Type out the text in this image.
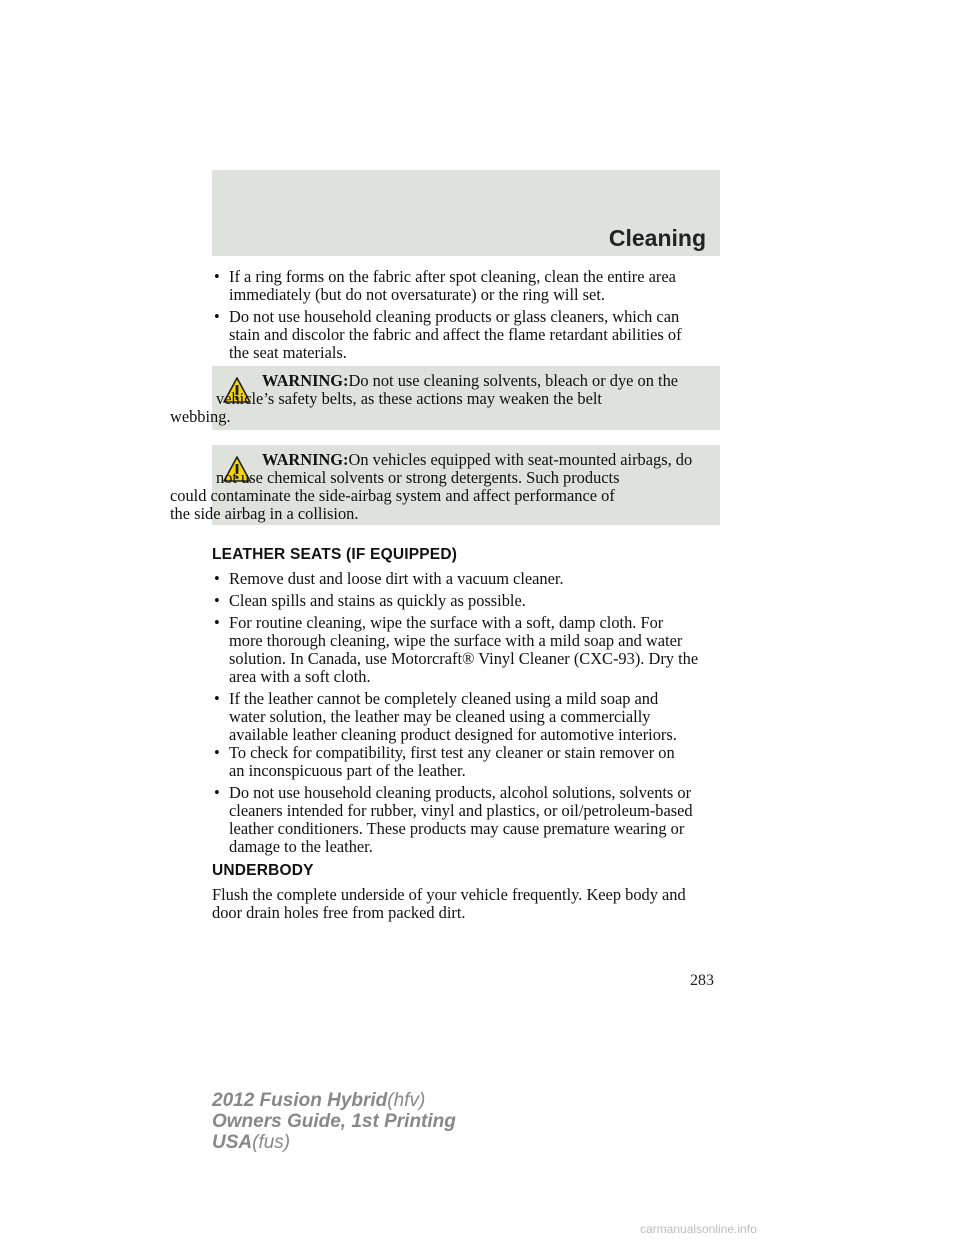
Cleaning
• If a ring forms on the fabric after spot cleaning, clean the entire area
immediately (but do not oversaturate) or the ring will set.
• Do not use household cleaning products or glass cleaners, which can
stain and discolor the fabric and affect the flame retardant abilities of
the seat materials.
WARNING:Do not use cleaning solvents, bleach or dye on the
vehicle’s safety belts, as these actions may weaken the belt
webbing.
WARNING:On vehicles equipped with seat-mounted airbags, do
not use chemical solvents or strong detergents. Such products
could contaminate the side-airbag system and affect performance of
the side airbag in a collision.
LEATHER SEATS (IF EQUIPPED)
• Remove dust and loose dirt with a vacuum cleaner.
• Clean spills and stains as quickly as possible.
• For routine cleaning, wipe the surface with a soft, damp cloth. For
more thorough cleaning, wipe the surface with a mild soap and water
solution. In Canada, use Motorcraft® Vinyl Cleaner (CXC-93). Dry the
area with a soft cloth.
• If the leather cannot be completely cleaned using a mild soap and
water solution, the leather may be cleaned using a commercially
available leather cleaning product designed for automotive interiors.
• To check for compatibility, first test any cleaner or stain remover on
an inconspicuous part of the leather.
• Do not use household cleaning products, alcohol solutions, solvents or
cleaners intended for rubber, vinyl and plastics, or oil/petroleum-based
leather conditioners. These products may cause premature wearing or
damage to the leather.
UNDERBODY
Flush the complete underside of your vehicle frequently. Keep body and
door drain holes free from packed dirt.
283
2012 Fusion Hybrid(hfv)
Owners Guide, 1st Printing
USA(fus)
carmanualsonline.info
